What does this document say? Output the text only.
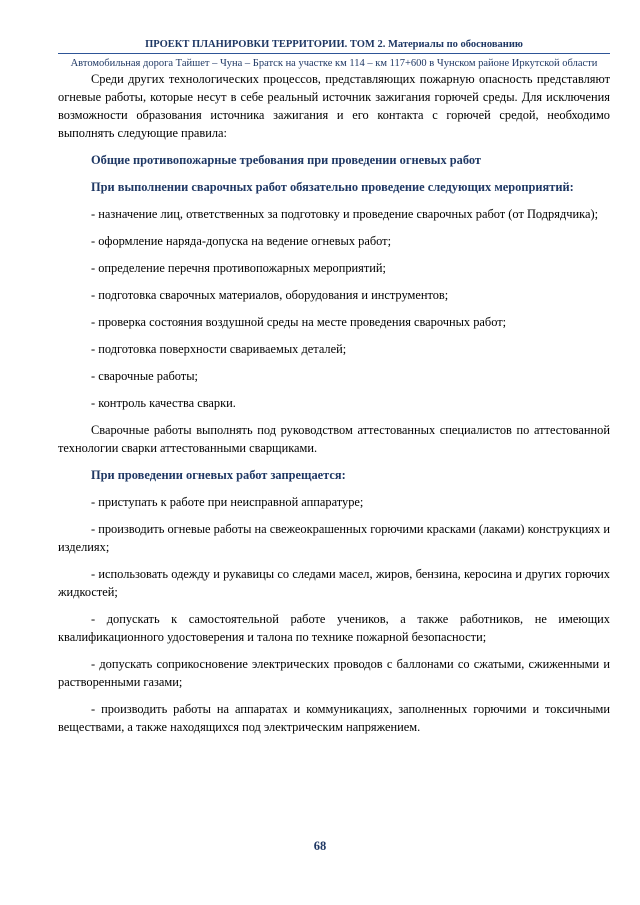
ПРОЕКТ ПЛАНИРОВКИ ТЕРРИТОРИИ. ТОМ 2. Материалы по обоснованию
Автомобильная дорога Тайшет – Чуна – Братск на участке км 114 – км 117+600 в Чунском районе Иркутской области

Среди других технологических процессов, представляющих пожарную опасность представляют огневые работы, которые несут в себе реальный источник зажигания горючей среды. Для исключения возможности образования источника зажигания и его контакта с горючей средой, необходимо выполнять следующие правила:

Общие противопожарные требования при проведении огневых работ

При выполнении сварочных работ обязательно проведение следующих мероприятий:

- назначение лиц, ответственных за подготовку и проведение сварочных работ (от Подрядчика);

- оформление наряда-допуска на ведение огневых работ;

- определение перечня противопожарных мероприятий;

- подготовка сварочных материалов, оборудования и инструментов;

- проверка состояния воздушной среды на месте проведения сварочных работ;

- подготовка поверхности свариваемых деталей;

- сварочные работы;

- контроль качества сварки.

Сварочные работы выполнять под руководством аттестованных специалистов по аттестованной технологии сварки аттестованными сварщиками.

При проведении огневых работ запрещается:

- приступать к работе при неисправной аппаратуре;

- производить огневые работы на свежеокрашенных горючими красками (лаками) конструкциях и изделиях;

- использовать одежду и рукавицы со следами масел, жиров, бензина, керосина и других горючих жидкостей;

- допускать к самостоятельной работе учеников, а также работников, не имеющих квалификационного удостоверения и талона по технике пожарной безопасности;

- допускать соприкосновение электрических проводов с баллонами со сжатыми, сжиженными и растворенными газами;

- производить работы на аппаратах и коммуникациях, заполненных горючими и токсичными веществами, а также находящихся под электрическим напряжением.

68
